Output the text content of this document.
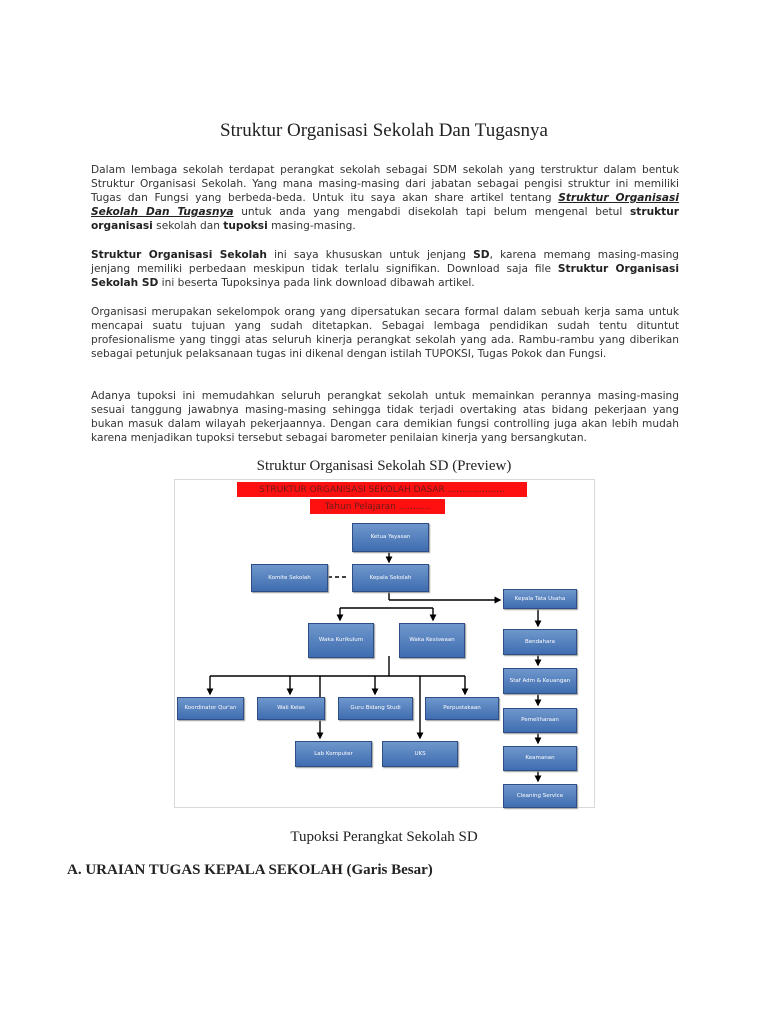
Struktur Organisasi Sekolah Dan Tugasnya

Dalam lembaga sekolah terdapat perangkat sekolah sebagai SDM sekolah yang terstruktur dalam bentuk Struktur Organisasi Sekolah. Yang mana masing-masing dari jabatan sebagai pengisi struktur ini memiliki Tugas dan Fungsi yang berbeda-beda. Untuk itu saya akan share artikel tentang Struktur Organisasi Sekolah Dan Tugasnya untuk anda yang mengabdi disekolah tapi belum mengenal betul struktur organisasi sekolah dan tupoksi masing-masing.

Struktur Organisasi Sekolah ini saya khususkan untuk jenjang SD, karena memang masing-masing jenjang memiliki perbedaan meskipun tidak terlalu signifikan. Download saja file Struktur Organisasi Sekolah SD ini beserta Tupoksinya pada link download dibawah artikel.

Organisasi merupakan sekelompok orang yang dipersatukan secara formal dalam sebuah kerja sama untuk mencapai suatu tujuan yang sudah ditetapkan. Sebagai lembaga pendidikan sudah tentu dituntut profesionalisme yang tinggi atas seluruh kinerja perangkat sekolah yang ada. Rambu-rambu yang diberikan sebagai petunjuk pelaksanaan tugas ini dikenal dengan istilah TUPOKSI, Tugas Pokok dan Fungsi.

Adanya tupoksi ini memudahkan seluruh perangkat sekolah untuk memainkan perannya masing-masing sesuai tanggung jawabnya masing-masing sehingga tidak terjadi overtaking atas bidang pekerjaan yang bukan masuk dalam wilayah pekerjaannya. Dengan cara demikian fungsi controlling juga akan lebih mudah karena menjadikan tupoksi tersebut sebagai barometer penilaian kinerja yang bersangkutan.

Struktur Organisasi Sekolah SD (Preview)
STRUKTUR ORGANISASI SEKOLAH DASAR ....................
Tahun Pelajaran ...........
Ketua Yayasan
Komite Sekolah	Kepala Sekolah
Kepala Tata Usaha
Waka Kurikulum	Waka Kesiswaan	Bendahara
Staf Adm & Keuangan
Koordinator Qur'an	Wali Kelas	Guru Bidang Studi	Perpustakaan
Pemeliharaan
Lab Komputer	UKS
Keamanan
Cleaning Service
Tupoksi Perangkat Sekolah SD
A. URAIAN TUGAS KEPALA SEKOLAH (Garis Besar)
